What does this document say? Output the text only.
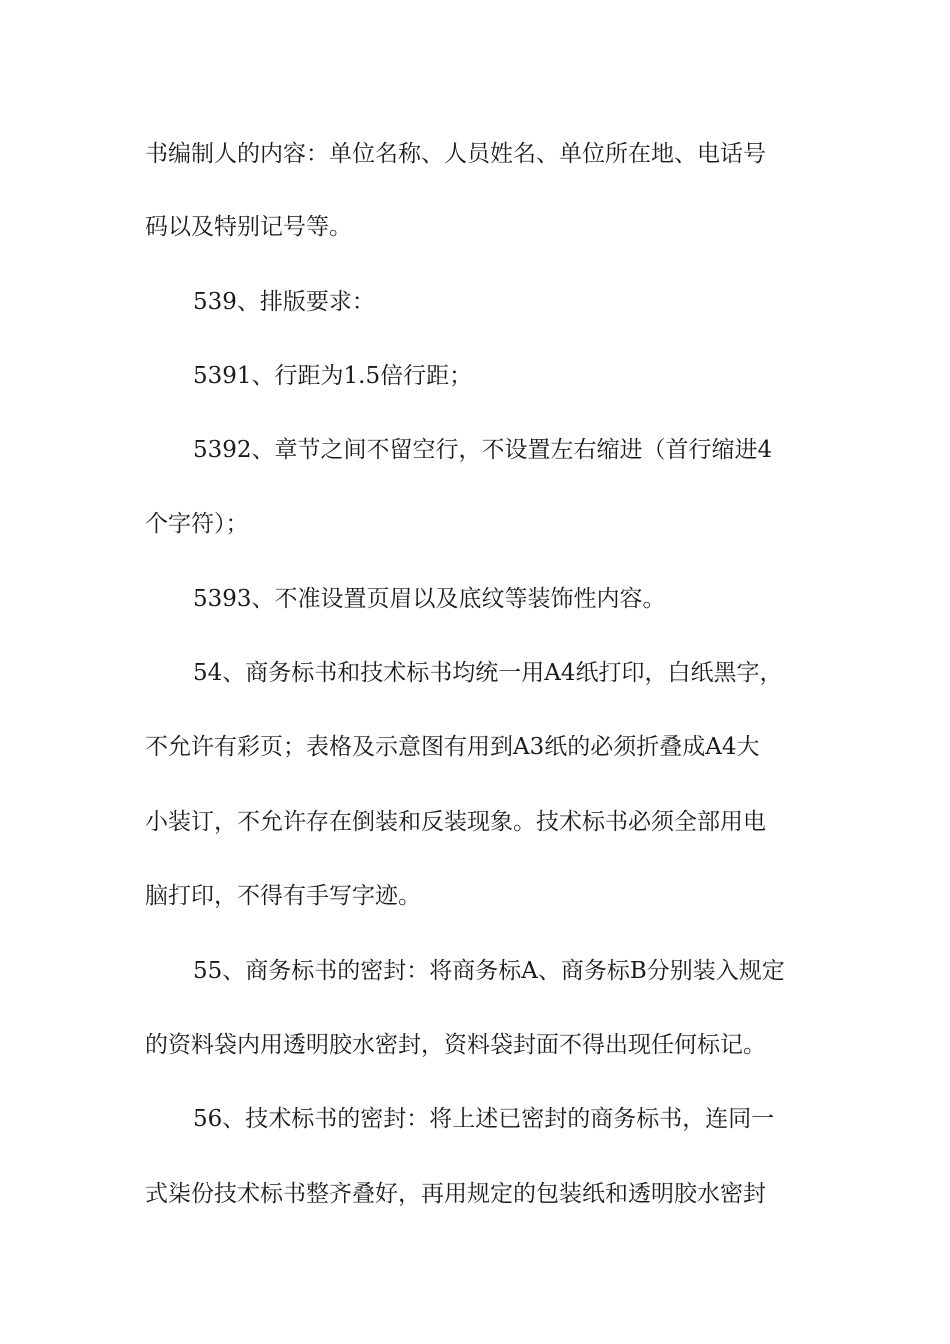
书编制人的内容：单位名称、人员姓名、单位所在地、电话号
码以及特别记号等。
539、排版要求：
5391、行距为1.5倍行距；
5392、章节之间不留空行，不设置左右缩进（首行缩进4
个字符）；
5393、不准设置页眉以及底纹等装饰性内容。
54、商务标书和技术标书均统一用A4纸打印，白纸黑字，
不允许有彩页；表格及示意图有用到A3纸的必须折叠成A4大
小装订，不允许存在倒装和反装现象。技术标书必须全部用电
脑打印，不得有手写字迹。
55、商务标书的密封：将商务标A、商务标B分别装入规定
的资料袋内用透明胶水密封，资料袋封面不得出现任何标记。
56、技术标书的密封：将上述已密封的商务标书，连同一
式柒份技术标书整齐叠好，再用规定的包装纸和透明胶水密封
